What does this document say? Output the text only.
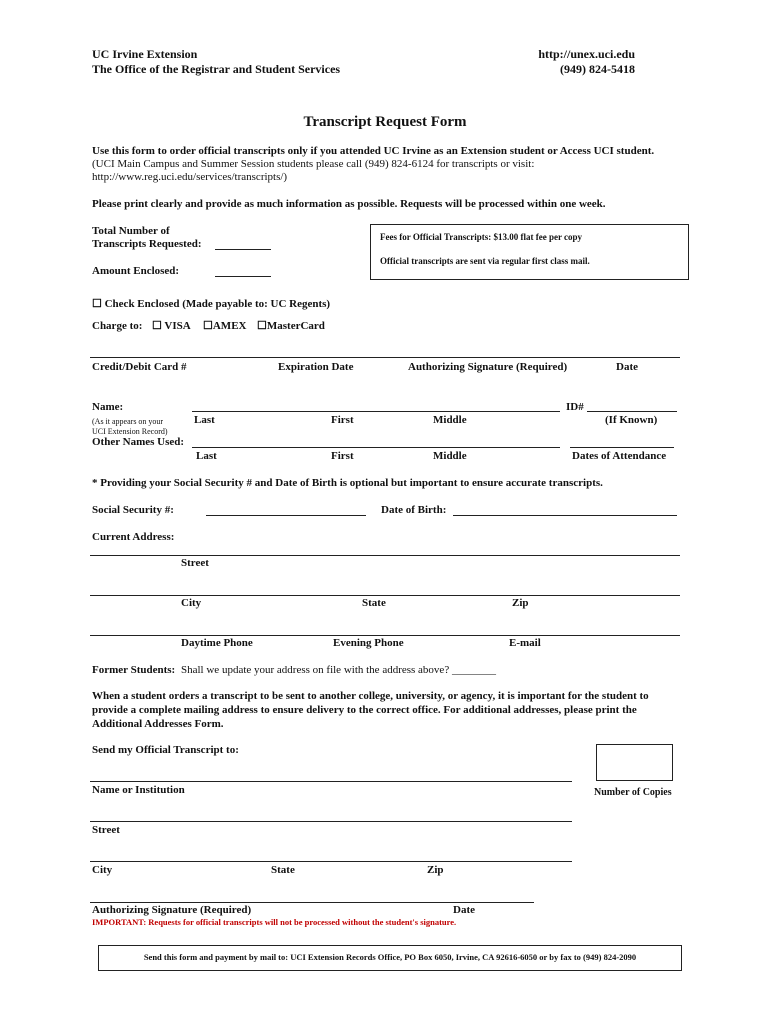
UC Irvine Extension
The Office of the Registrar and Student Services
http://unex.uci.edu
(949) 824-5418
Transcript Request Form
Use this form to order official transcripts only if you attended UC Irvine as an Extension student or Access UCI student.
(UCI Main Campus and Summer Session students please call (949) 824-6124 for transcripts or visit:
http://www.reg.uci.edu/services/transcripts/)
Please print clearly and provide as much information as possible. Requests will be processed within one week.
Total Number of
Transcripts Requested:
Amount Enclosed:
Fees for Official Transcripts: $13.00 flat fee per copy
Official transcripts are sent via regular first class mail.
☐ Check Enclosed (Made payable to: UC Regents)
Charge to: ☐ VISA ☐AMEX ☐MasterCard
Credit/Debit Card #	Expiration Date	Authorizing Signature (Required)	Date
Name:	ID#
(As it appears on your
UCI Extension Record)
Last	First	Middle	(If Known)
Other Names Used:
Last	First	Middle	Dates of Attendance
* Providing your Social Security # and Date of Birth is optional but important to ensure accurate transcripts.
Social Security #:	Date of Birth:
Current Address:
Street
City	State	Zip
Daytime Phone	Evening Phone	E-mail
Former Students: Shall we update your address on file with the address above? ________
When a student orders a transcript to be sent to another college, university, or agency, it is important for the student to
provide a complete mailing address to ensure delivery to the correct office. For additional addresses, please print the
Additional Addresses Form.
Send my Official Transcript to:
Name or Institution	Number of Copies
Street
City	State	Zip
Authorizing Signature (Required)	Date
IMPORTANT: Requests for official transcripts will not be processed without the student's signature.
Send this form and payment by mail to: UCI Extension Records Office, PO Box 6050, Irvine, CA 92616-6050 or by fax to (949) 824-2090
